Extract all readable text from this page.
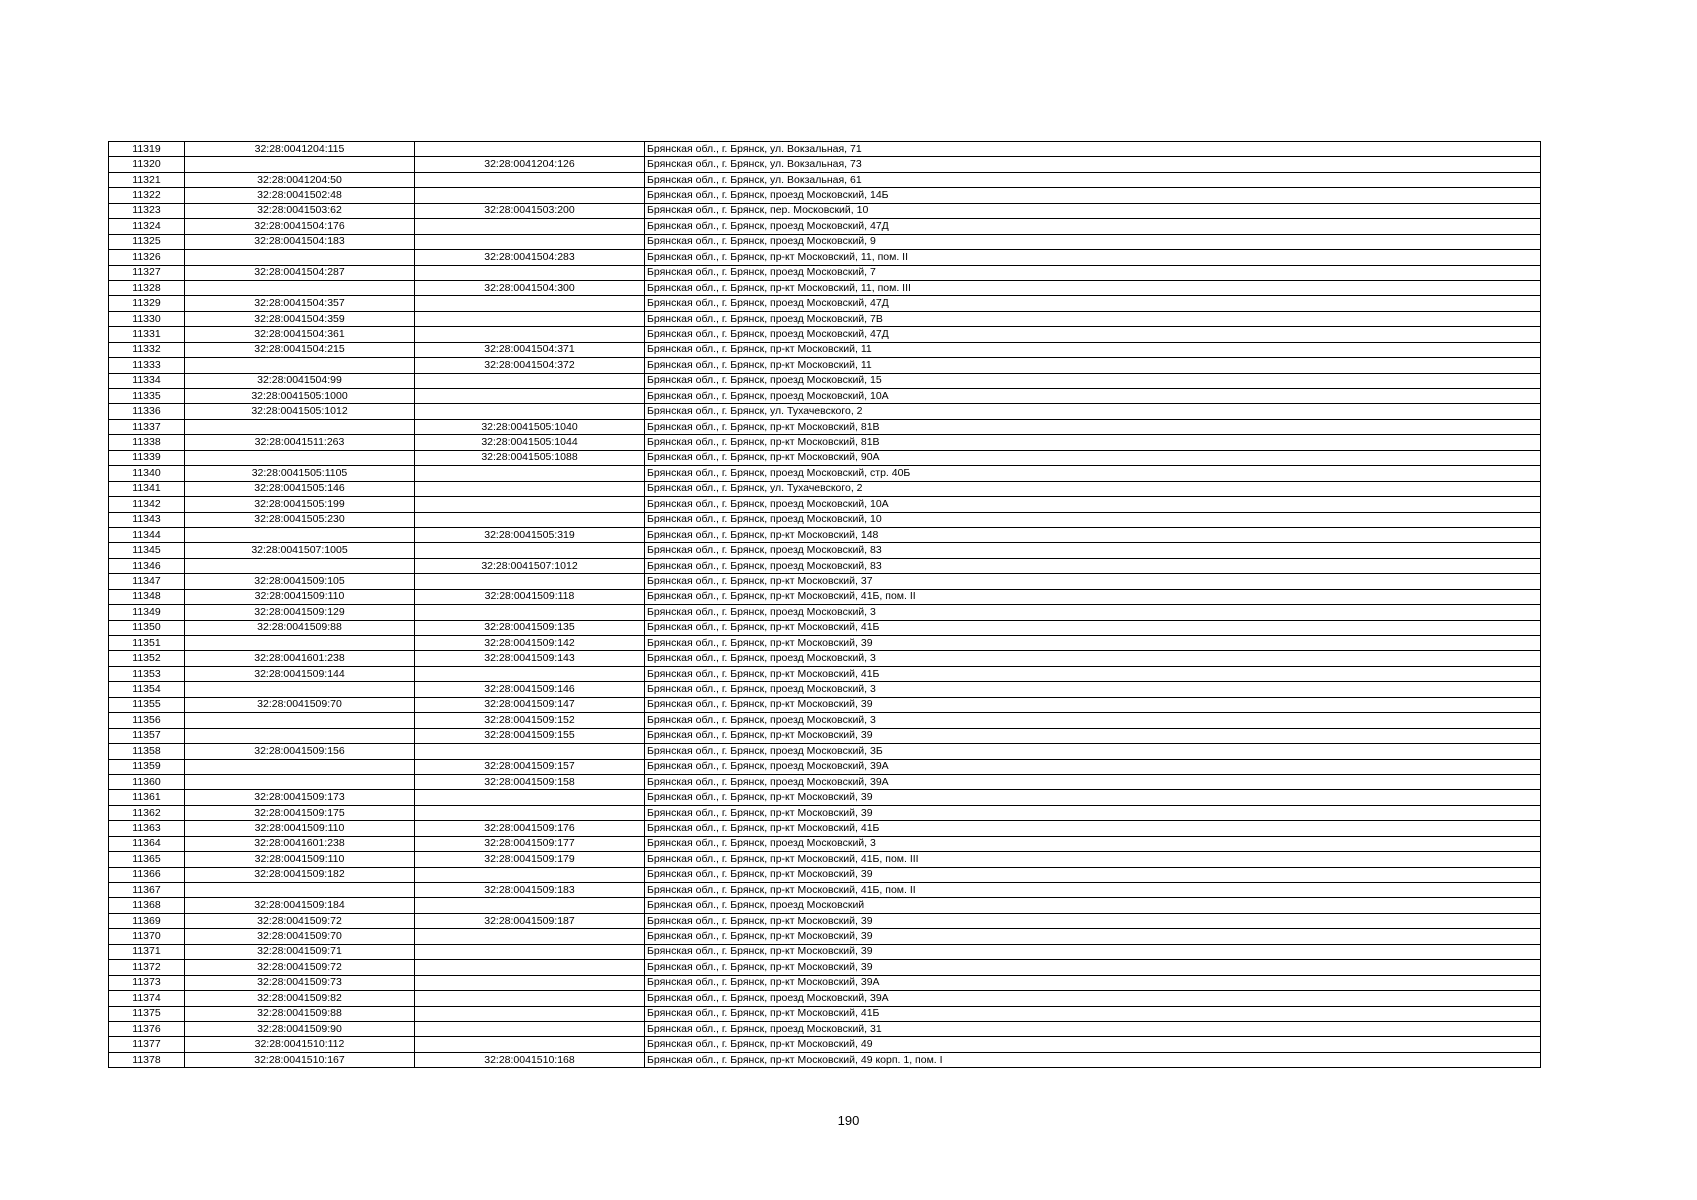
11319	32:28:0041204:115		Брянская обл., г. Брянск, ул. Вокзальная, 71
11320		32:28:0041204:126	Брянская обл., г. Брянск, ул. Вокзальная, 73
11321	32:28:0041204:50		Брянская обл., г. Брянск, ул. Вокзальная, 61
11322	32:28:0041502:48		Брянская обл., г. Брянск, проезд Московский, 14Б
11323	32:28:0041503:62	32:28:0041503:200	Брянская обл., г. Брянск, пер. Московский, 10
11324	32:28:0041504:176		Брянская обл., г. Брянск, проезд Московский, 47Д
11325	32:28:0041504:183		Брянская обл., г. Брянск, проезд Московский, 9
11326		32:28:0041504:283	Брянская обл., г. Брянск, пр-кт Московский, 11, пом. II
11327	32:28:0041504:287		Брянская обл., г. Брянск, проезд Московский, 7
11328		32:28:0041504:300	Брянская обл., г. Брянск, пр-кт Московский, 11, пом. III
11329	32:28:0041504:357		Брянская обл., г. Брянск, проезд Московский, 47Д
11330	32:28:0041504:359		Брянская обл., г. Брянск, проезд Московский, 7В
11331	32:28:0041504:361		Брянская обл., г. Брянск, проезд Московский, 47Д
11332	32:28:0041504:215	32:28:0041504:371	Брянская обл., г. Брянск, пр-кт Московский, 11
11333		32:28:0041504:372	Брянская обл., г. Брянск, пр-кт Московский, 11
11334	32:28:0041504:99		Брянская обл., г. Брянск, проезд Московский, 15
11335	32:28:0041505:1000		Брянская обл., г. Брянск, проезд Московский, 10А
11336	32:28:0041505:1012		Брянская обл., г. Брянск, ул. Тухачевского, 2
11337		32:28:0041505:1040	Брянская обл., г. Брянск, пр-кт Московский, 81В
11338	32:28:0041511:263	32:28:0041505:1044	Брянская обл., г. Брянск, пр-кт Московский, 81В
11339		32:28:0041505:1088	Брянская обл., г. Брянск, пр-кт Московский, 90А
11340	32:28:0041505:1105		Брянская обл., г. Брянск, проезд Московский, стр. 40Б
11341	32:28:0041505:146		Брянская обл., г. Брянск, ул. Тухачевского, 2
11342	32:28:0041505:199		Брянская обл., г. Брянск, проезд Московский, 10А
11343	32:28:0041505:230		Брянская обл., г. Брянск, проезд Московский, 10
11344		32:28:0041505:319	Брянская обл., г. Брянск, пр-кт Московский, 148
11345	32:28:0041507:1005		Брянская обл., г. Брянск, проезд Московский, 83
11346		32:28:0041507:1012	Брянская обл., г. Брянск, проезд Московский, 83
11347	32:28:0041509:105		Брянская обл., г. Брянск, пр-кт Московский, 37
11348	32:28:0041509:110	32:28:0041509:118	Брянская обл., г. Брянск, пр-кт Московский, 41Б, пом. II
11349	32:28:0041509:129		Брянская обл., г. Брянск, проезд Московский, 3
11350	32:28:0041509:88	32:28:0041509:135	Брянская обл., г. Брянск, пр-кт Московский, 41Б
11351		32:28:0041509:142	Брянская обл., г. Брянск, пр-кт Московский, 39
11352	32:28:0041601:238	32:28:0041509:143	Брянская обл., г. Брянск, проезд Московский, 3
11353	32:28:0041509:144		Брянская обл., г. Брянск, пр-кт Московский, 41Б
11354		32:28:0041509:146	Брянская обл., г. Брянск, проезд Московский, 3
11355	32:28:0041509:70	32:28:0041509:147	Брянская обл., г. Брянск, пр-кт Московский, 39
11356		32:28:0041509:152	Брянская обл., г. Брянск, проезд Московский, 3
11357		32:28:0041509:155	Брянская обл., г. Брянск, пр-кт Московский, 39
11358	32:28:0041509:156		Брянская обл., г. Брянск, проезд Московский, 3Б
11359		32:28:0041509:157	Брянская обл., г. Брянск, проезд Московский, 39А
11360		32:28:0041509:158	Брянская обл., г. Брянск, проезд Московский, 39А
11361	32:28:0041509:173		Брянская обл., г. Брянск, пр-кт Московский, 39
11362	32:28:0041509:175		Брянская обл., г. Брянск, пр-кт Московский, 39
11363	32:28:0041509:110	32:28:0041509:176	Брянская обл., г. Брянск, пр-кт Московский, 41Б
11364	32:28:0041601:238	32:28:0041509:177	Брянская обл., г. Брянск, проезд Московский, 3
11365	32:28:0041509:110	32:28:0041509:179	Брянская обл., г. Брянск, пр-кт Московский, 41Б, пом. III
11366	32:28:0041509:182		Брянская обл., г. Брянск, пр-кт Московский, 39
11367		32:28:0041509:183	Брянская обл., г. Брянск, пр-кт Московский, 41Б, пом. II
11368	32:28:0041509:184		Брянская обл., г. Брянск, проезд Московский
11369	32:28:0041509:72	32:28:0041509:187	Брянская обл., г. Брянск, пр-кт Московский, 39
11370	32:28:0041509:70		Брянская обл., г. Брянск, пр-кт Московский, 39
11371	32:28:0041509:71		Брянская обл., г. Брянск, пр-кт Московский, 39
11372	32:28:0041509:72		Брянская обл., г. Брянск, пр-кт Московский, 39
11373	32:28:0041509:73		Брянская обл., г. Брянск, пр-кт Московский, 39А
11374	32:28:0041509:82		Брянская обл., г. Брянск, проезд Московский, 39А
11375	32:28:0041509:88		Брянская обл., г. Брянск, пр-кт Московский, 41Б
11376	32:28:0041509:90		Брянская обл., г. Брянск, проезд Московский, 31
11377	32:28:0041510:112		Брянская обл., г. Брянск, пр-кт Московский, 49
11378	32:28:0041510:167	32:28:0041510:168	Брянская обл., г. Брянск, пр-кт Московский, 49 корп. 1, пом. I
190
